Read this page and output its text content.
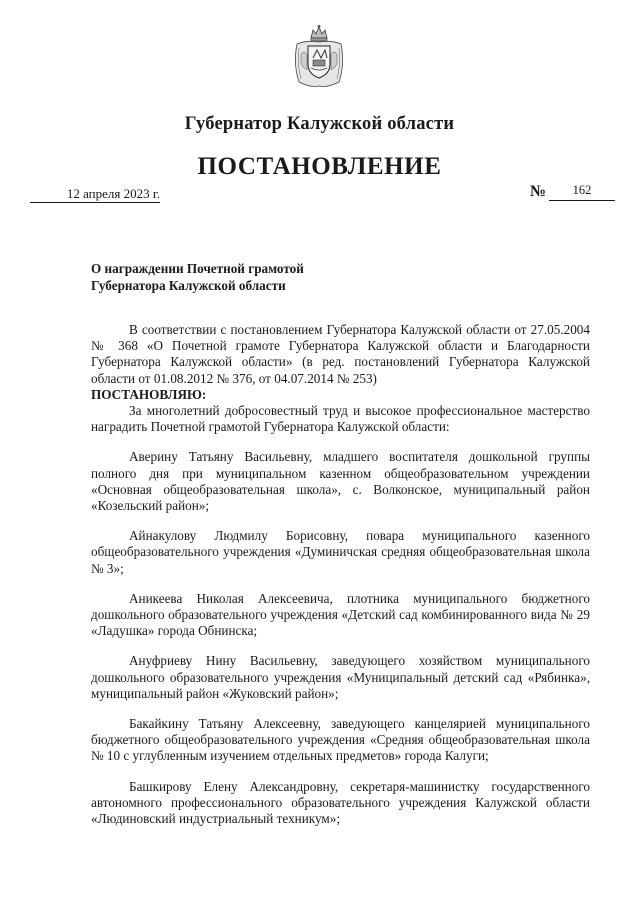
Губернатор Калужской области
ПОСТАНОВЛЕНИЕ
12 апреля 2023 г.	№	162
О награждении Почетной грамотой
Губернатора Калужской области

В соответствии с постановлением Губернатора Калужской области от 27.05.2004 № 368 «О Почетной грамоте Губернатора Калужской области и Благодарности Губернатора Калужской области» (в ред. постановлений Губернатора Калужской области от 01.08.2012 № 376, от 04.07.2014 № 253)

ПОСТАНОВЛЯЮ:

За многолетний добросовестный труд и высокое профессиональное мастерство наградить Почетной грамотой Губернатора Калужской области:

Аверину Татьяну Васильевну, младшего воспитателя дошкольной группы полного дня при муниципальном казенном общеобразовательном учреждении «Основная общеобразовательная школа», с. Волконское, муниципальный район «Козельский район»;

Айнакулову Людмилу Борисовну, повара муниципального казенного общеобразовательного учреждения «Думиничская средняя общеобразовательная школа № 3»;

Аникеева Николая Алексеевича, плотника муниципального бюджетного дошкольного образовательного учреждения «Детский сад комбинированного вида № 29 «Ладушка» города Обнинска;

Ануфриеву Нину Васильевну, заведующего хозяйством муниципального дошкольного образовательного учреждения «Муниципальный детский сад «Рябинка», муниципальный район «Жуковский район»;

Бакайкину Татьяну Алексеевну, заведующего канцелярией муниципального бюджетного общеобразовательного учреждения «Средняя общеобразовательная школа № 10 с углубленным изучением отдельных предметов» города Калуги;

Башкирову Елену Александровну, секретаря-машинистку государственного автономного профессионального образовательного учреждения Калужской области «Людиновский индустриальный техникум»;
